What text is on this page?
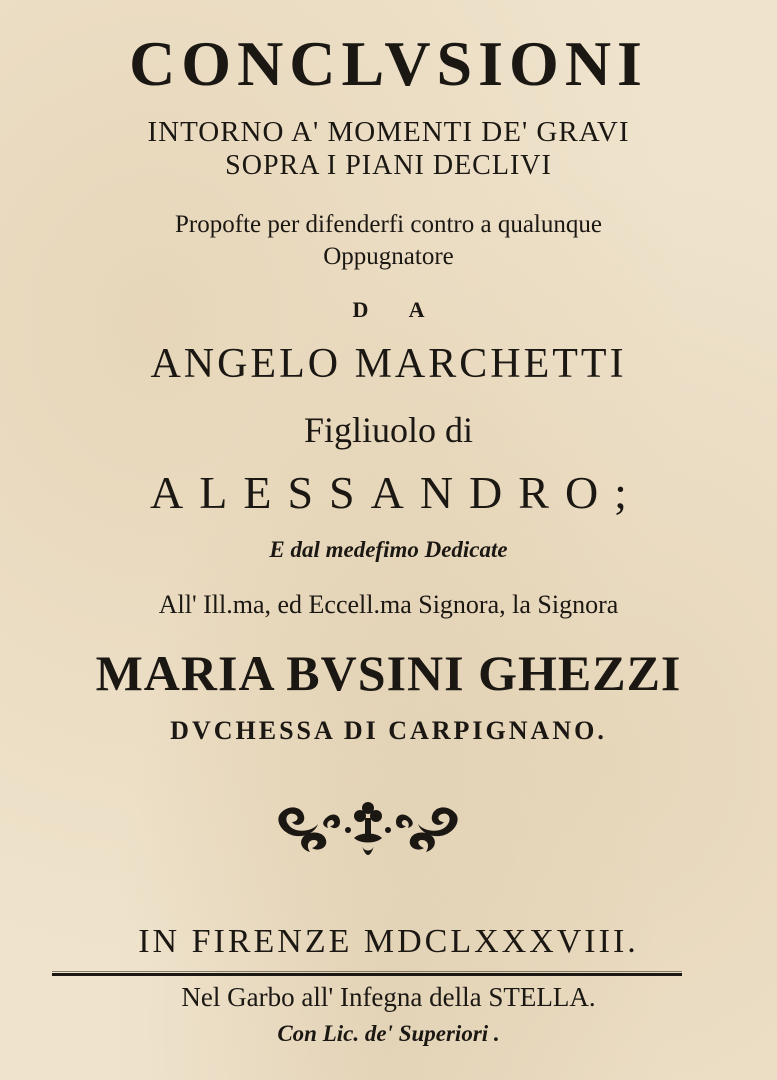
CONCLVSIONI
INTORNO A' MOMENTI DE' GRAVI
SOPRA I PIANI DECLIVI
Propofte per difenderfi contro a qualunque
Oppugnatore
D A
ANGELO MARCHETTI
Figliuolo di
ALESSANDRO;
E dal medefimo Dedicate
All' Ill.ma, ed Eccell.ma Signora, la Signora
MARIA BVSINI GHEZZI
DVCHESSA DI CARPIGNANO.
IN FIRENZE MDCLXXXVIII.
Nel Garbo all' Infegna della STELLA.
Con Lic. de' Superiori .
